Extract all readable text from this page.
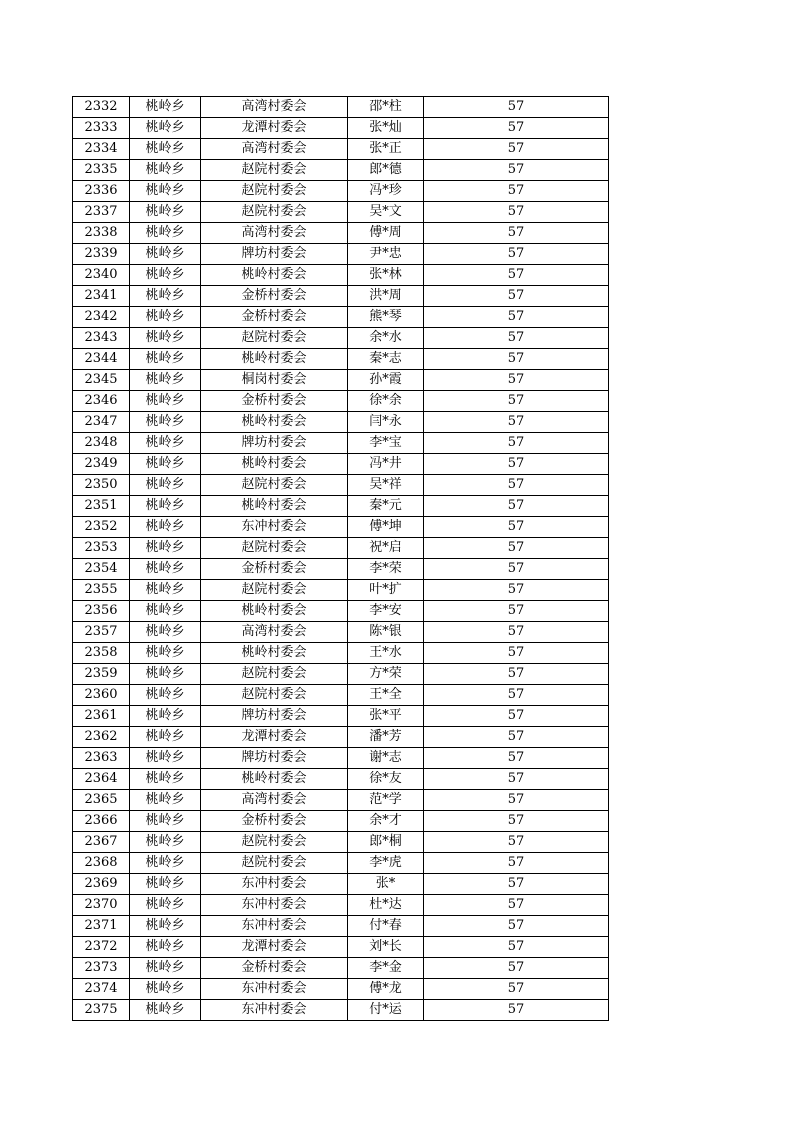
2332	桃岭乡	高湾村委会	邵*柱	57
2333	桃岭乡	龙潭村委会	张*灿	57
2334	桃岭乡	高湾村委会	张*正	57
2335	桃岭乡	赵院村委会	郎*德	57
2336	桃岭乡	赵院村委会	冯*珍	57
2337	桃岭乡	赵院村委会	吴*文	57
2338	桃岭乡	高湾村委会	傅*周	57
2339	桃岭乡	牌坊村委会	尹*忠	57
2340	桃岭乡	桃岭村委会	张*林	57
2341	桃岭乡	金桥村委会	洪*周	57
2342	桃岭乡	金桥村委会	熊*琴	57
2343	桃岭乡	赵院村委会	余*水	57
2344	桃岭乡	桃岭村委会	秦*志	57
2345	桃岭乡	桐岗村委会	孙*霞	57
2346	桃岭乡	金桥村委会	徐*余	57
2347	桃岭乡	桃岭村委会	闫*永	57
2348	桃岭乡	牌坊村委会	李*宝	57
2349	桃岭乡	桃岭村委会	冯*井	57
2350	桃岭乡	赵院村委会	吴*祥	57
2351	桃岭乡	桃岭村委会	秦*元	57
2352	桃岭乡	东冲村委会	傅*坤	57
2353	桃岭乡	赵院村委会	祝*启	57
2354	桃岭乡	金桥村委会	李*荣	57
2355	桃岭乡	赵院村委会	叶*扩	57
2356	桃岭乡	桃岭村委会	李*安	57
2357	桃岭乡	高湾村委会	陈*银	57
2358	桃岭乡	桃岭村委会	王*水	57
2359	桃岭乡	赵院村委会	方*荣	57
2360	桃岭乡	赵院村委会	王*全	57
2361	桃岭乡	牌坊村委会	张*平	57
2362	桃岭乡	龙潭村委会	潘*芳	57
2363	桃岭乡	牌坊村委会	谢*志	57
2364	桃岭乡	桃岭村委会	徐*友	57
2365	桃岭乡	高湾村委会	范*学	57
2366	桃岭乡	金桥村委会	余*才	57
2367	桃岭乡	赵院村委会	郎*桐	57
2368	桃岭乡	赵院村委会	李*虎	57
2369	桃岭乡	东冲村委会	张*	57
2370	桃岭乡	东冲村委会	杜*达	57
2371	桃岭乡	东冲村委会	付*春	57
2372	桃岭乡	龙潭村委会	刘*长	57
2373	桃岭乡	金桥村委会	李*金	57
2374	桃岭乡	东冲村委会	傅*龙	57
2375	桃岭乡	东冲村委会	付*运	57
